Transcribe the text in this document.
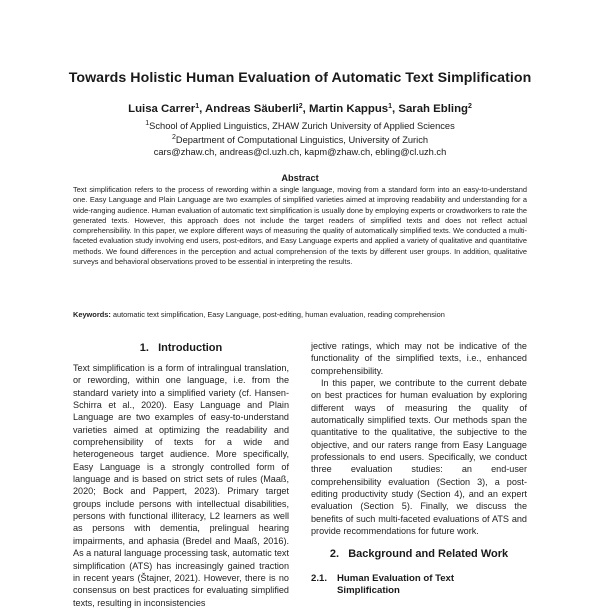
Towards Holistic Human Evaluation of Automatic Text Simplification
Luisa Carrer$^1$, Andreas Säuberli$^2$, Martin Kappus$^1$, Sarah Ebling$^2$
$^1$School of Applied Linguistics, ZHAW Zurich University of Applied Sciences
$^2$Department of Computational Linguistics, University of Zurich
cars@zhaw.ch, andreas@cl.uzh.ch, kapm@zhaw.ch, ebling@cl.uzh.ch
Abstract
Text simplification refers to the process of rewording within a single language, moving from a standard form into an easy-to-understand one. Easy Language and Plain Language are two examples of simplified varieties aimed at improving readability and understanding for a wide-ranging audience. Human evaluation of automatic text simplification is usually done by employing experts or crowdworkers to rate the generated texts. However, this approach does not include the target readers of simplified texts and does not reflect actual comprehensibility. In this paper, we explore different ways of measuring the quality of automatically simplified texts. We conducted a multi-faceted evaluation study involving end users, post-editors, and Easy Language experts and applied a variety of qualitative and quantitative methods. We found differences in the perception and actual comprehension of the texts by different user groups. In addition, qualitative surveys and behavioral observations proved to be essential in interpreting the results.
Keywords: automatic text simplification, Easy Language, post-editing, human evaluation, reading comprehension
1. Introduction

Text simplification is a form of intralingual translation, or rewording, within one language, i.e. from the standard variety into a simplified variety (cf. Hansen-Schirra et al., 2020). Easy Language and Plain Language are two examples of easy-to-understand varieties aimed at optimizing the readability and comprehensibility of texts for a wide and heterogeneous target audience. More specifically, Easy Language is a strongly controlled form of language and is based on strict sets of rules (Maaß, 2020; Bock and Pappert, 2023). Primary target groups include persons with intellectual disabilities, persons with functional illiteracy, L2 learners as well as persons with dementia, prelingual hearing impairments, and aphasia (Bredel and Maaß, 2016). As a natural language processing task, automatic text simplification (ATS) has increasingly gained traction in recent years (Štajner, 2021). However, there is no consensus on best practices for evaluating simplified texts, resulting in inconsistencies

jective ratings, which may not be indicative of the functionality of the simplified texts, i.e., enhanced comprehensibility.

In this paper, we contribute to the current debate on best practices for human evaluation by exploring different ways of measuring the quality of automatically simplified texts. Our methods span the quantitative to the qualitative, the subjective to the objective, and our raters range from Easy Language professionals to end users. Specifically, we conduct three evaluation studies: an end-user comprehensibility evaluation (Section 3), a post-editing productivity study (Section 4), and an expert evaluation (Section 5). Finally, we discuss the benefits of such multi-faceted evaluations of ATS and provide recommendations for future work.

2. Background and Related Work
2.1. Human Evaluation of Text Simplification
